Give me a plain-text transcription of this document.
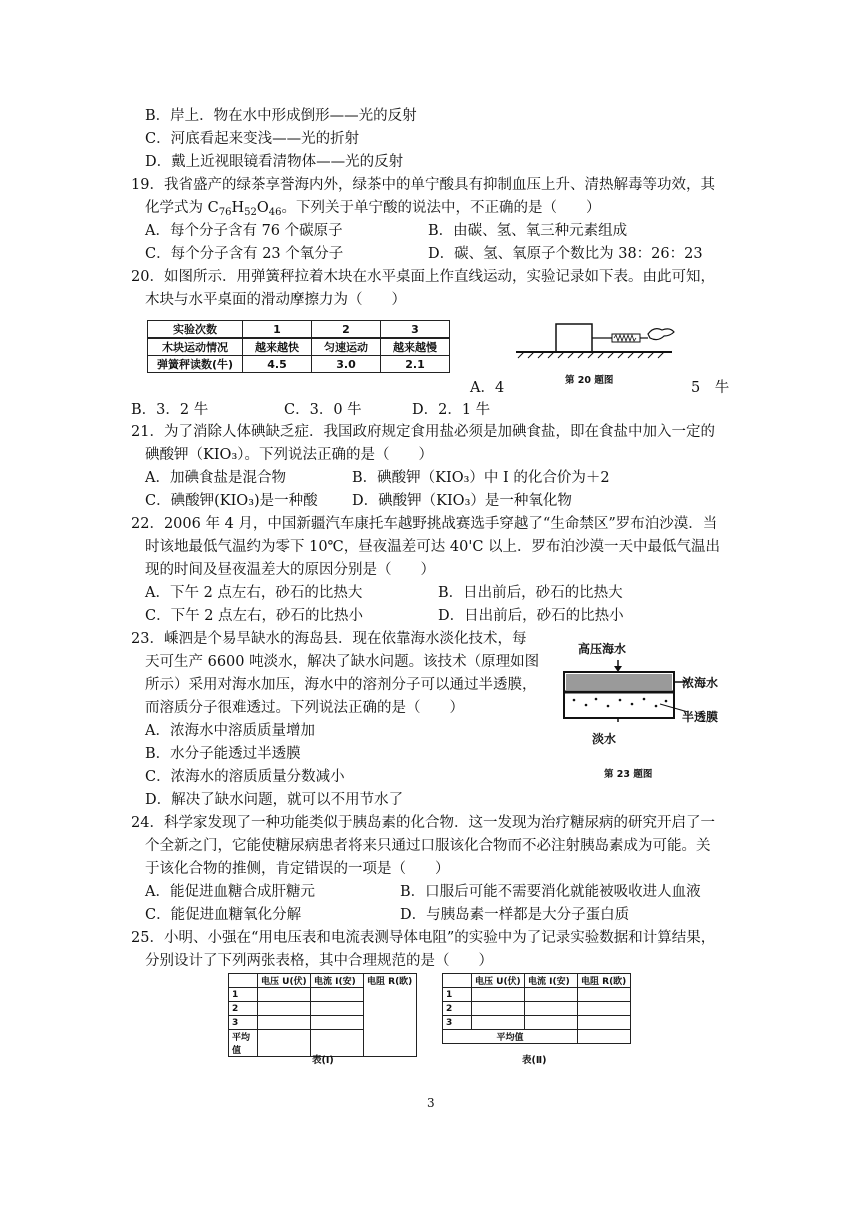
B．岸上．物在水中形成倒形——光的反射
C．河底看起来变浅——光的折射
D．戴上近视眼镜看清物体——光的反射
19．我省盛产的绿茶享誉海内外，绿茶中的单宁酸具有抑制血压上升、清热解毒等功效，其
化学式为 $C_{76}H_{52}O_{46}$。下列关于单宁酸的说法中，不正确的是（　　）
A．每个分子含有 76 个碳原子	B．由碳、氢、氧三种元素组成
C．每个分子含有 23 个氧分子	D．碳、氢、氧原子个数比为 38：26：23
20．如图所示．用弹簧秤拉着木块在水平桌面上作直线运动，实验记录如下表。由此可知，
木块与水平桌面的滑动摩擦力为（　　）
实验次数	1	2	3
木块运动情况	越来越快	匀速运动	越来越慢
弹簧秤读数(牛)	4.5	3.0	2.1
第 20 题图
A．4	5　牛
B．3．2 牛	C．3．0 牛	D．2．1 牛
21．为了消除人体碘缺乏症．我国政府规定食用盐必须是加碘食盐，即在食盐中加入一定的
碘酸钾（KIO₃）。下列说法正确的是（　　）
A．加碘食盐是混合物	B．碘酸钾（KIO₃）中 I 的化合价为＋2
C．碘酸钾(KIO₃)是一种酸 D．碘酸钾（KIO₃）是一种氧化物
22．2006 年 4 月，中国新疆汽车康托车越野挑战赛选手穿越了“生命禁区”罗布泊沙漠．当
时该地最低气温约为零下 10℃，昼夜温差可达 40'C 以上．罗布泊沙漠一天中最低气温出
现的时间及昼夜温差大的原因分别是（　　）
A．下午 2 点左右，砂石的比热大	B．日出前后，砂石的比热大
C．下午 2 点左右，砂石的比热小	D．日出前后，砂石的比热小
23．嵊泗是个易旱缺水的海岛县．现在依靠海水淡化技术，每
天可生产 6600 吨淡水，解决了缺水问题。该技术（原理如图
所示）采用对海水加压，海水中的溶剂分子可以通过半透膜，
而溶质分子很难透过。下列说法正确的是（　　）
A．浓海水中溶质质量增加
B．水分子能透过半透膜
C．浓海水的溶质质量分数减小
D．解决了缺水问题，就可以不用节水了
高压海水
浓海水
半透膜
淡水
第 23 题图
24．科学家发现了一种功能类似于胰岛素的化合物．这一发现为治疗糖尿病的研究开启了一
个全新之门，它能使糖尿病患者将来只通过口服该化合物而不必注射胰岛素成为可能。关
于该化合物的推侧，肯定错误的一项是（　　）
A．能促进血糖合成肝糖元	B．口服后可能不需要消化就能被吸收进人血液
C．能促进血糖氧化分解	D．与胰岛素一样都是大分子蛋白质
25．小明、小强在“用电压表和电流表测导体电阻”的实验中为了记录实验数据和计算结果，
分别设计了下列两张表格，其中合理规范的是（　　）
	电压 U(伏)	电流 I(安)	电阻 R(欧)
1			
2			
3			
平均值			
表(Ⅰ)
	电压 U(伏)	电流 I(安)	电阻 R(欧)
1			
2			
3			
平均值			
表(Ⅱ)
3
